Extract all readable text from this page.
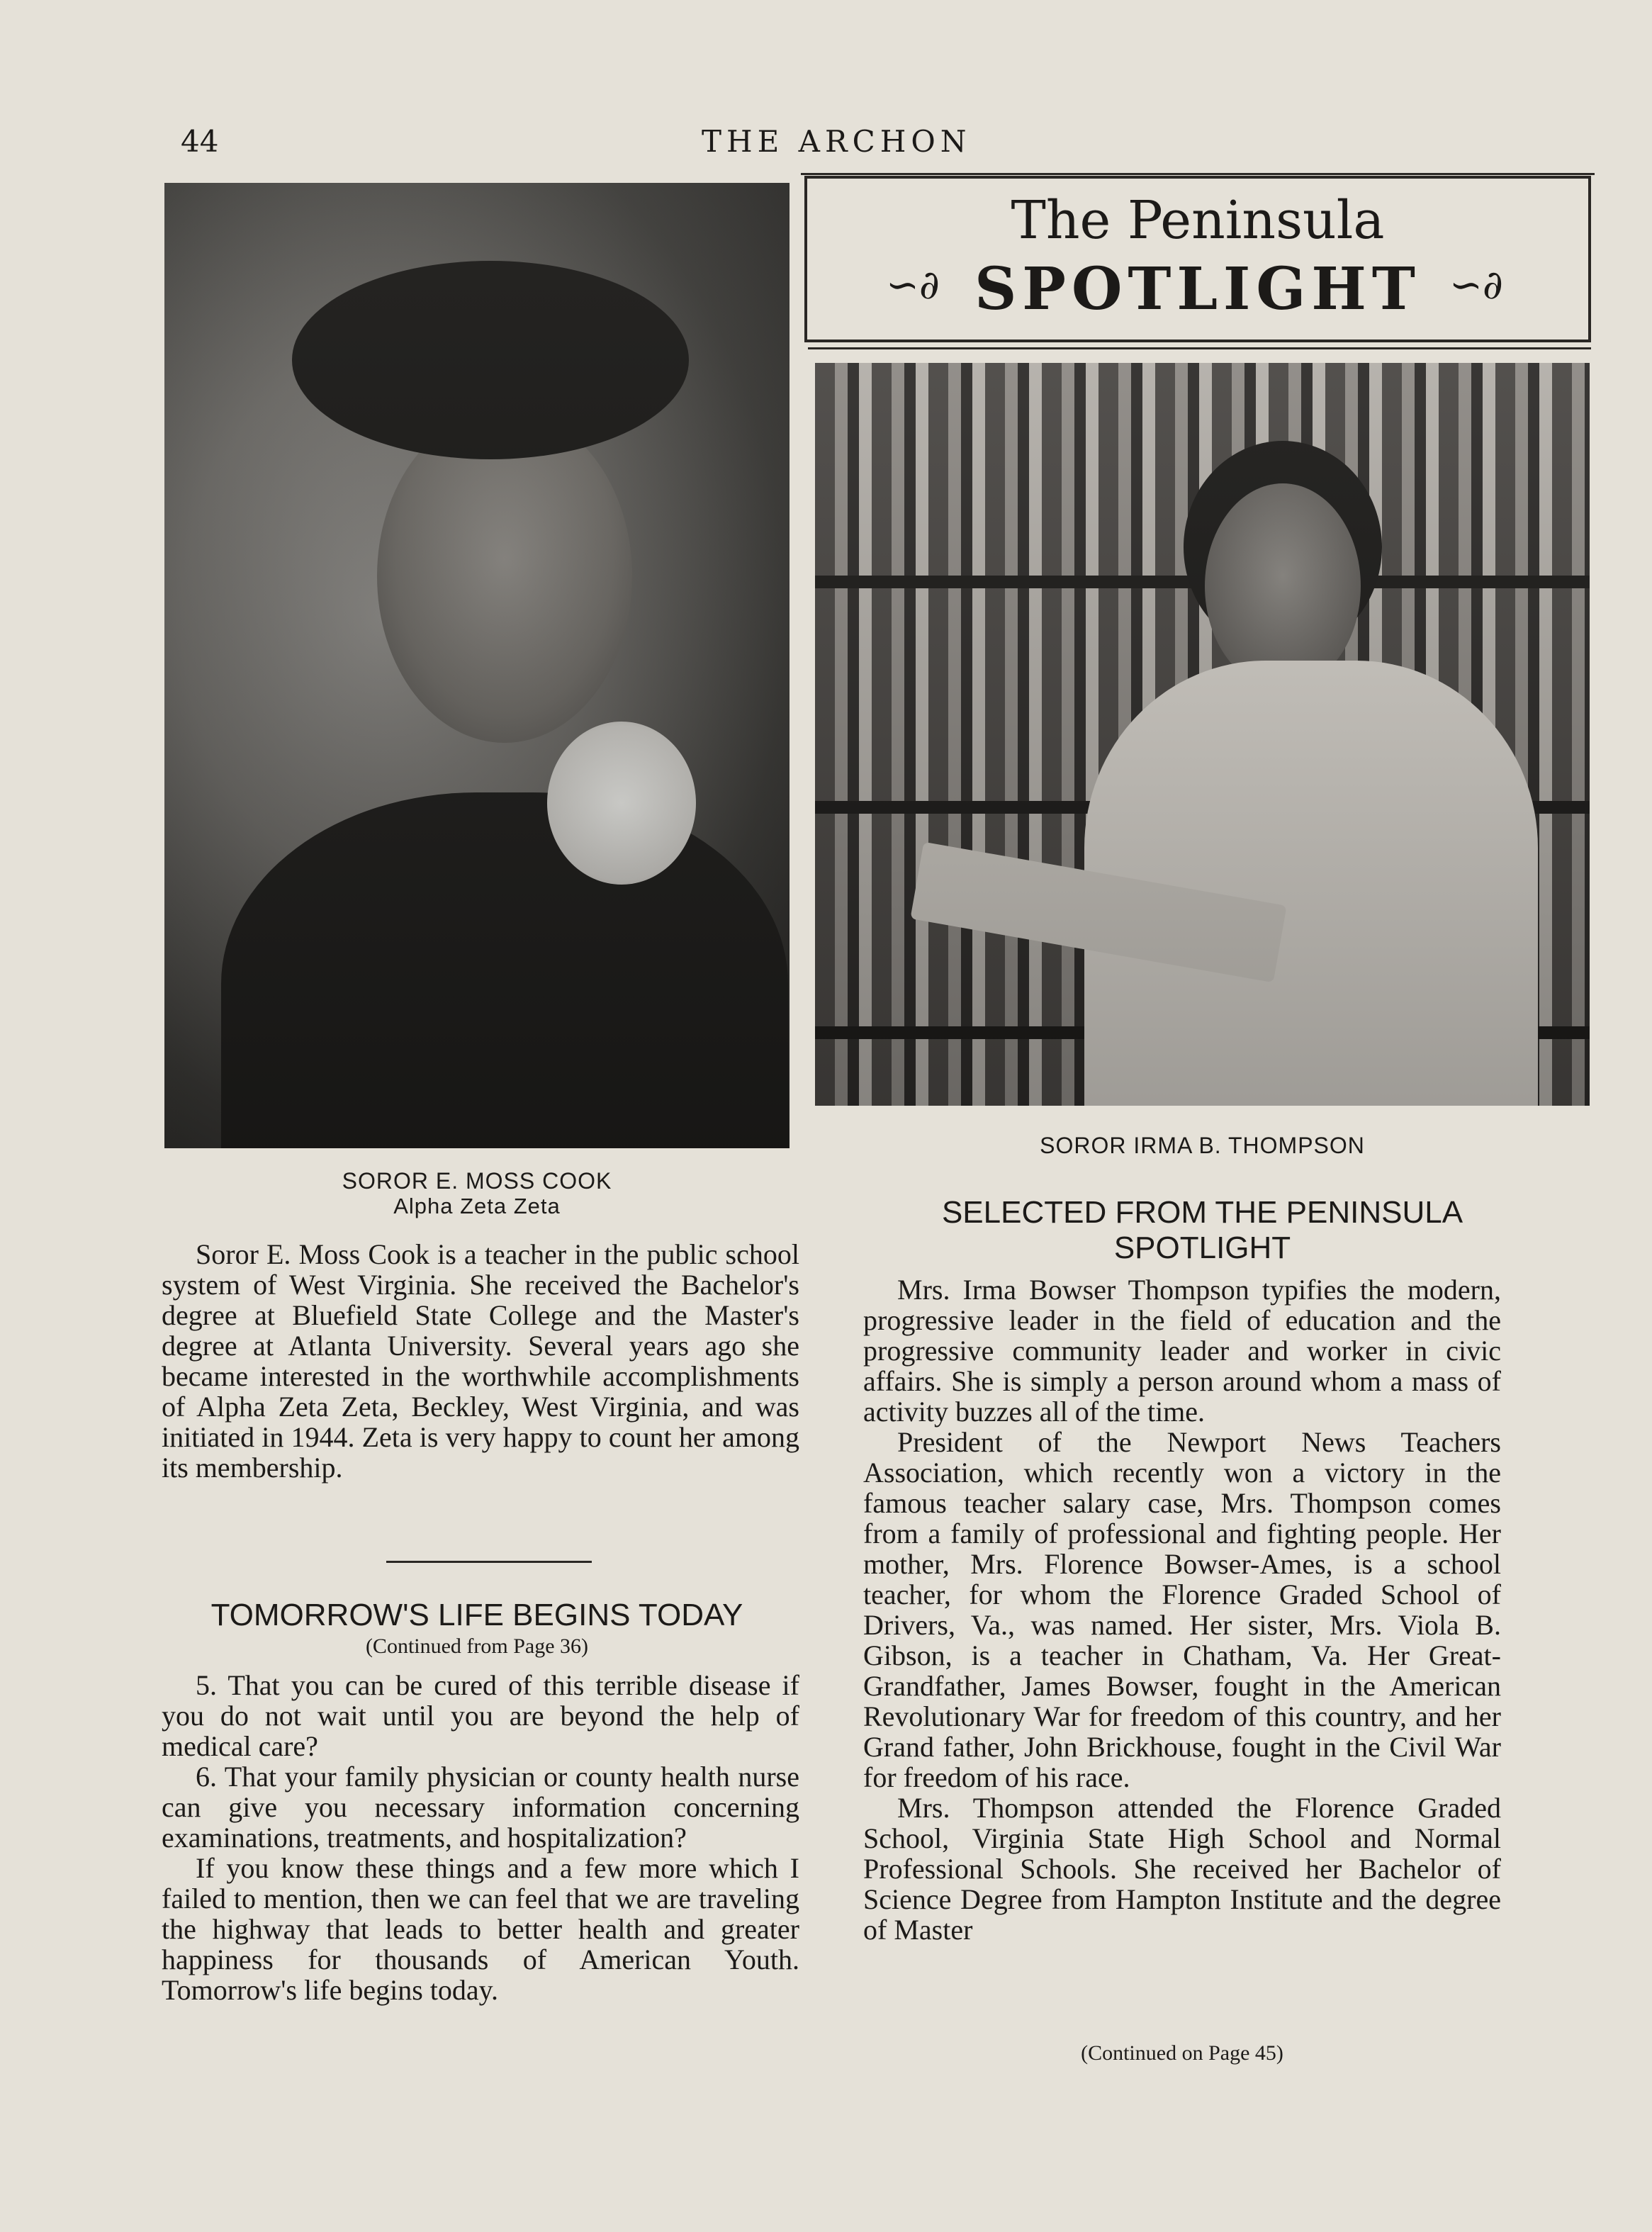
44	THE ARCHON
The Peninsula
SPOTLIGHT
∽∂	∽∂
SOROR IRMA B. THOMPSON
SOROR E. MOSS COOK
Alpha Zeta Zeta	SELECTED FROM THE PENINSULA
SPOTLIGHT

Soror E. Moss Cook is a teacher in the public school system of West Virginia. She received the Bachelor's degree at Bluefield State College and the Master's degree at Atlanta University. Several years ago she became interested in the worthwhile accomplishments of Alpha Zeta Zeta, Beckley, West Virginia, and was initiated in 1944. Zeta is very happy to count her among its membership.

TOMORROW'S LIFE BEGINS TODAY
(Continued from Page 36)

5. That you can be cured of this terrible disease if you do not wait until you are beyond the help of medical care?

6. That your family physician or county health nurse can give you necessary information concerning examinations, treatments, and hospitalization?

If you know these things and a few more which I failed to mention, then we can feel that we are traveling the highway that leads to better health and greater happiness for thousands of American Youth. Tomorrow's life begins today.

Mrs. Irma Bowser Thompson typifies the modern, progressive leader in the field of education and the progressive community leader and worker in civic affairs. She is simply a person around whom a mass of activity buzzes all of the time.

President of the Newport News Teachers Association, which recently won a victory in the famous teacher salary case, Mrs. Thompson comes from a family of professional and fighting people. Her mother, Mrs. Florence Bowser-Ames, is a school teacher, for whom the Florence Graded School of Drivers, Va., was named. Her sister, Mrs. Viola B. Gibson, is a teacher in Chatham, Va. Her Great-Grandfather, James Bowser, fought in the American Revolutionary War for freedom of this country, and her Grand father, John Brickhouse, fought in the Civil War for freedom of his race.

Mrs. Thompson attended the Florence Graded School, Virginia State High School and Normal Professional Schools. She received her Bachelor of Science Degree from Hampton Institute and the degree of Master

(Continued on Page 45)
